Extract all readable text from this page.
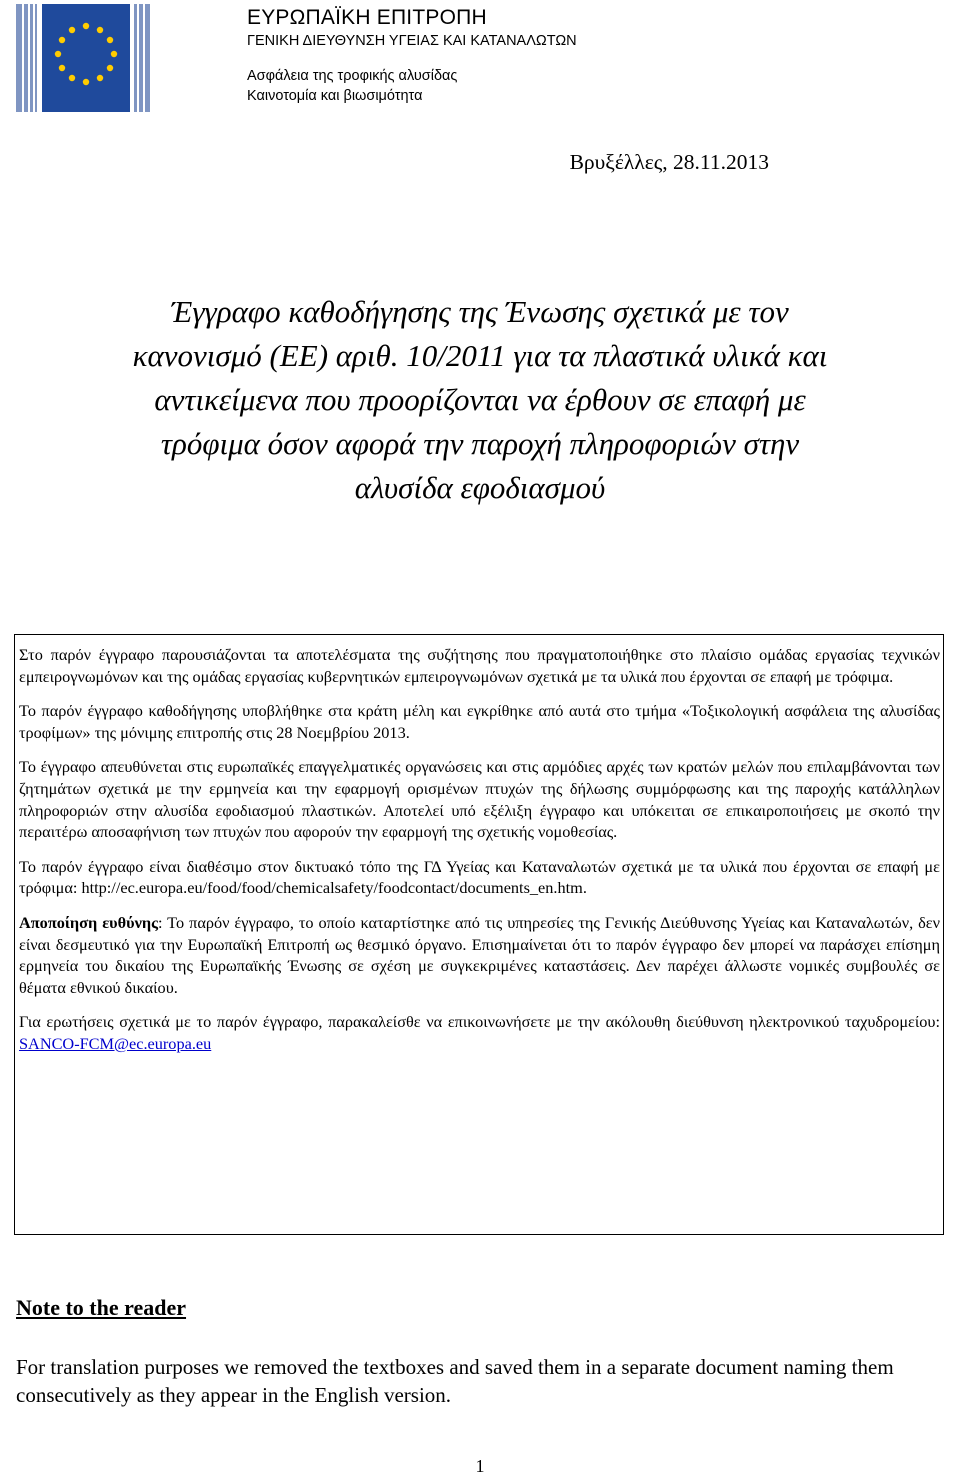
ΕΥΡΩΠΑΪΚΗ ΕΠΙΤΡΟΠΗ
ΓΕΝΙΚΗ ΔΙΕΥΘΥΝΣΗ ΥΓΕΙΑΣ ΚΑΙ ΚΑΤΑΝΑΛΩΤΩΝ
Ασφάλεια της τροφικής αλυσίδας
Καινοτομία και βιωσιμότητα
Βρυξέλλες, 28.11.2013
Έγγραφο καθοδήγησης της Ένωσης σχετικά με τον
κανονισμό (ΕΕ) αριθ. 10/2011 για τα πλαστικά υλικά και
αντικείμενα που προορίζονται να έρθουν σε επαφή με
τρόφιμα όσον αφορά την παροχή πληροφοριών στην
αλυσίδα εφοδιασμού

Στο παρόν έγγραφο παρουσιάζονται τα αποτελέσματα της συζήτησης που πραγματοποιήθηκε στο πλαίσιο ομάδας εργασίας τεχνικών εμπειρογνωμόνων και της ομάδας εργασίας κυβερνητικών εμπειρογνωμόνων σχετικά με τα υλικά που έρχονται σε επαφή με τρόφιμα.

Το παρόν έγγραφο καθοδήγησης υποβλήθηκε στα κράτη μέλη και εγκρίθηκε από αυτά στο τμήμα «Τοξικολογική ασφάλεια της αλυσίδας τροφίμων» της μόνιμης επιτροπής στις 28 Νοεμβρίου 2013.

Το έγγραφο απευθύνεται στις ευρωπαϊκές επαγγελματικές οργανώσεις και στις αρμόδιες αρχές των κρατών μελών που επιλαμβάνονται των ζητημάτων σχετικά με την ερμηνεία και την εφαρμογή ορισμένων πτυχών της δήλωσης συμμόρφωσης και της παροχής κατάλληλων πληροφοριών στην αλυσίδα εφοδιασμού πλαστικών. Αποτελεί υπό εξέλιξη έγγραφο και υπόκειται σε επικαιροποιήσεις με σκοπό την περαιτέρω αποσαφήνιση των πτυχών που αφορούν την εφαρμογή της σχετικής νομοθεσίας.

Το παρόν έγγραφο είναι διαθέσιμο στον δικτυακό τόπο της ΓΔ Υγείας και Καταναλωτών σχετικά με τα υλικά που έρχονται σε επαφή με τρόφιμα: http://ec.europa.eu/food/food/chemicalsafety/foodcontact/documents_en.htm.

Αποποίηση ευθύνης: Το παρόν έγγραφο, το οποίο καταρτίστηκε από τις υπηρεσίες της Γενικής Διεύθυνσης Υγείας και Καταναλωτών, δεν είναι δεσμευτικό για την Ευρωπαϊκή Επιτροπή ως θεσμικό όργανο. Επισημαίνεται ότι το παρόν έγγραφο δεν μπορεί να παράσχει επίσημη ερμηνεία του δικαίου της Ευρωπαϊκής Ένωσης σε σχέση με συγκεκριμένες καταστάσεις. Δεν παρέχει άλλωστε νομικές συμβουλές σε θέματα εθνικού δικαίου.

Για ερωτήσεις σχετικά με το παρόν έγγραφο, παρακαλείσθε να επικοινωνήσετε με την ακόλουθη διεύθυνση ηλεκτρονικού ταχυδρομείου: SANCO-FCM@ec.europa.eu

Note to the reader
For translation purposes we removed the textboxes and saved them in a separate document naming them consecutively as they appear in the English version.
1
